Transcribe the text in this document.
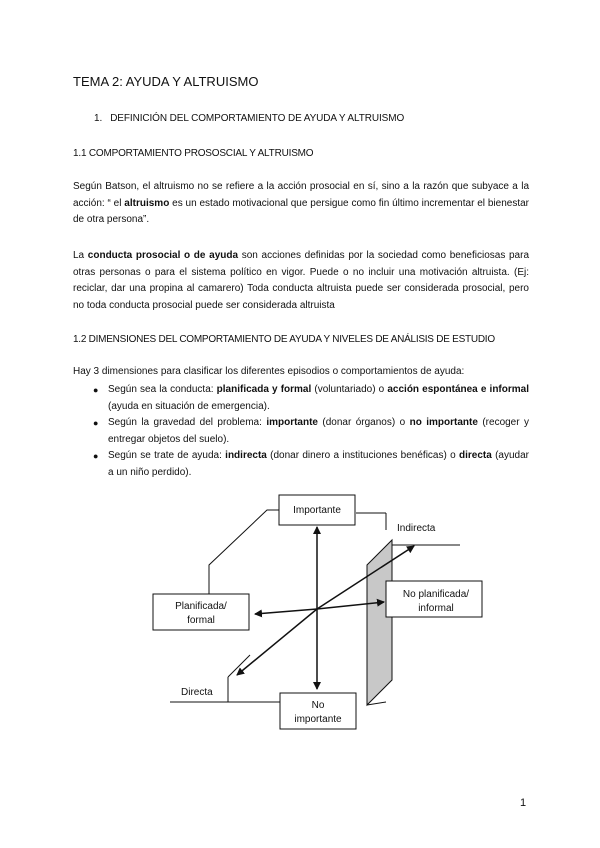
TEMA 2: AYUDA Y ALTRUISMO
1. DEFINICIÓN DEL COMPORTAMIENTO DE AYUDA Y ALTRUISMO
1.1 COMPORTAMIENTO PROSOSCIAL Y ALTRUISMO
Según Batson, el altruismo no se refiere a la acción prosocial en sí, sino a la razón que subyace a la acción: “ el altruismo es un estado motivacional que persigue como fin último incrementar el bienestar de otra persona”.
La conducta prosocial o de ayuda son acciones definidas por la sociedad como beneficiosas para otras personas o para el sistema político en vigor. Puede o no incluir una motivación altruista. (Ej: reciclar, dar una propina al camarero) Toda conducta altruista puede ser considerada prosocial, pero no toda conducta prosocial puede ser considerada altruista
1.2 DIMENSIONES DEL COMPORTAMIENTO DE AYUDA Y NIVELES DE ANÁLISIS DE ESTUDIO
Hay 3 dimensiones para clasificar los diferentes episodios o comportamientos de ayuda:
● Según sea la conducta: planificada y formal (voluntariado) o acción espontánea e informal (ayuda en situación de emergencia).
● Según la gravedad del problema: importante (donar órganos) o no importante (recoger y entregar objetos del suelo).
● Según se trate de ayuda: indirecta (donar dinero a instituciones benéficas) o directa (ayudar a un niño perdido).
Importante
Indirecta
No planificada/
informal
Planificada/
formal
Directa
No
importante
1
